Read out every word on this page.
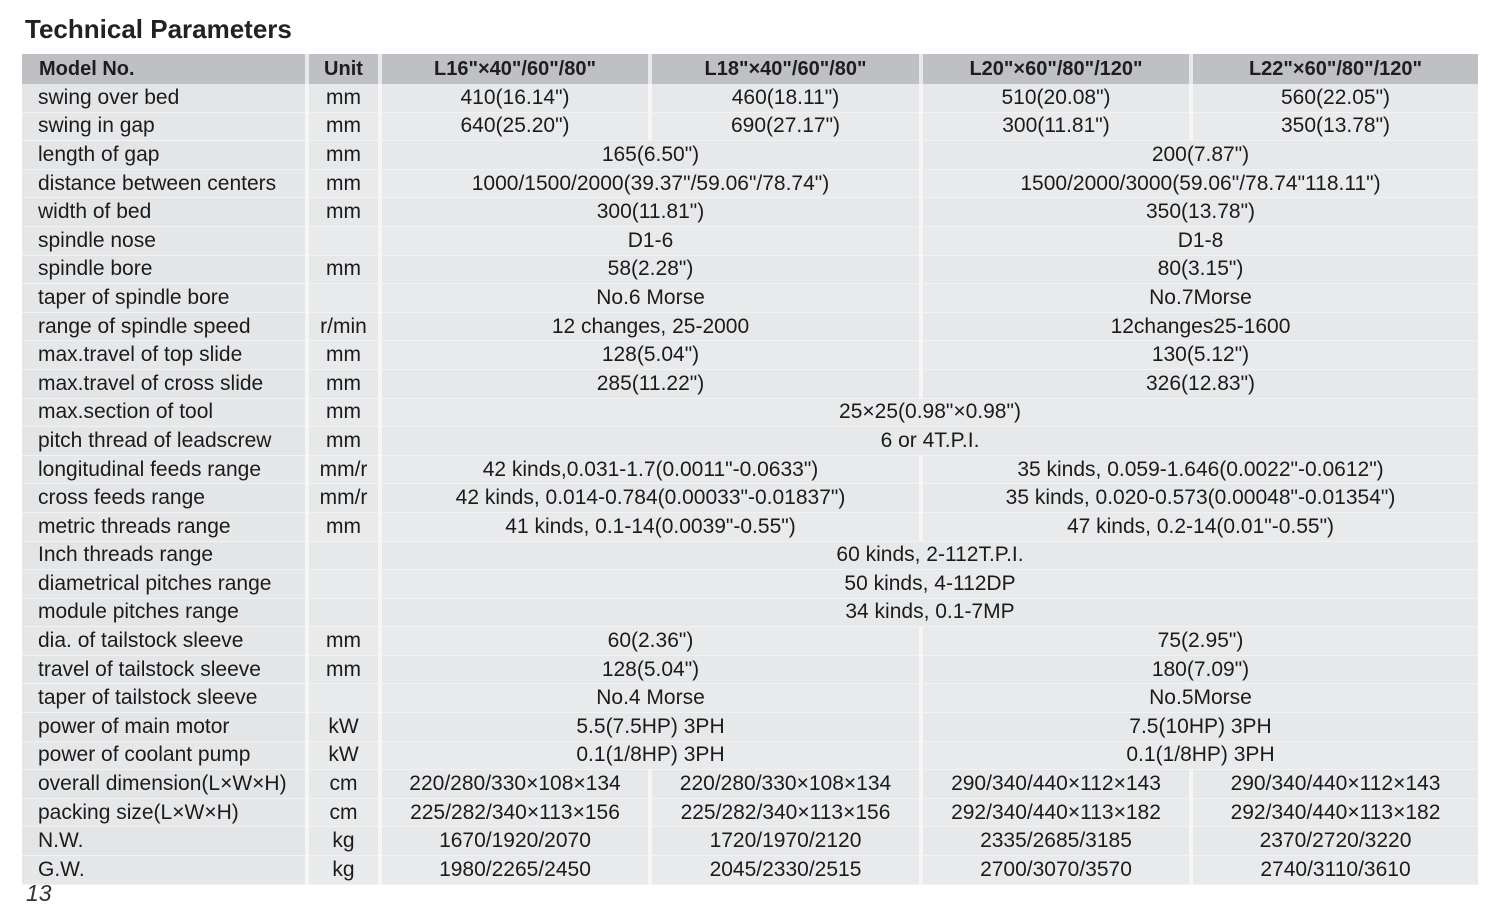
Technical Parameters
Model No.	Unit	L16"×40"/60"/80"	L18"×40"/60"/80"	L20"×60"/80"/120"	L22"×60"/80"/120"
swing over bed	mm	410(16.14")	460(18.11")	510(20.08")	560(22.05")
swing in gap	mm	640(25.20")	690(27.17")	300(11.81")	350(13.78")
length of gap	mm	165(6.50")		200(7.87")	
distance between centers	mm	1000/1500/2000(39.37"/59.06"/78.74")		1500/2000/3000(59.06"/78.74"118.11")	
width of bed	mm	300(11.81")		350(13.78")	
spindle nose		D1-6		D1-8	
spindle bore	mm	58(2.28")		80(3.15")	
taper of spindle bore		No.6 Morse		No.7Morse	
range of spindle speed	r/min	12 changes, 25-2000		12changes25-1600	
max.travel of top slide	mm	128(5.04")		130(5.12")	
max.travel of cross slide	mm	285(11.22")		326(12.83")	
max.section of tool	mm	25×25(0.98"×0.98")			
pitch thread of leadscrew	mm	6 or 4T.P.I.			
longitudinal feeds range	mm/r	42 kinds,0.031-1.7(0.0011"-0.0633")		35 kinds, 0.059-1.646(0.0022"-0.0612")	
cross feeds range	mm/r	42 kinds, 0.014-0.784(0.00033"-0.01837")		35 kinds, 0.020-0.573(0.00048"-0.01354")	
metric threads range	mm	41 kinds, 0.1-14(0.0039"-0.55")		47 kinds, 0.2-14(0.01"-0.55")	
Inch threads range		60 kinds, 2-112T.P.I.			
diametrical pitches range		50 kinds, 4-112DP			
module pitches range		34 kinds, 0.1-7MP			
dia. of tailstock sleeve	mm	60(2.36")		75(2.95")	
travel of tailstock sleeve	mm	128(5.04")		180(7.09")	
taper of tailstock sleeve		No.4 Morse		No.5Morse	
power of main motor	kW	5.5(7.5HP) 3PH		7.5(10HP) 3PH	
power of coolant pump	kW	0.1(1/8HP) 3PH		0.1(1/8HP) 3PH	
overall dimension(L×W×H)	cm	220/280/330×108×134	220/280/330×108×134	290/340/440×112×143	290/340/440×112×143
packing size(L×W×H)	cm	225/282/340×113×156	225/282/340×113×156	292/340/440×113×182	292/340/440×113×182
N.W.	kg	1670/1920/2070	1720/1970/2120	2335/2685/3185	2370/2720/3220
G.W.	kg	1980/2265/2450	2045/2330/2515	2700/3070/3570	2740/3110/3610
13
